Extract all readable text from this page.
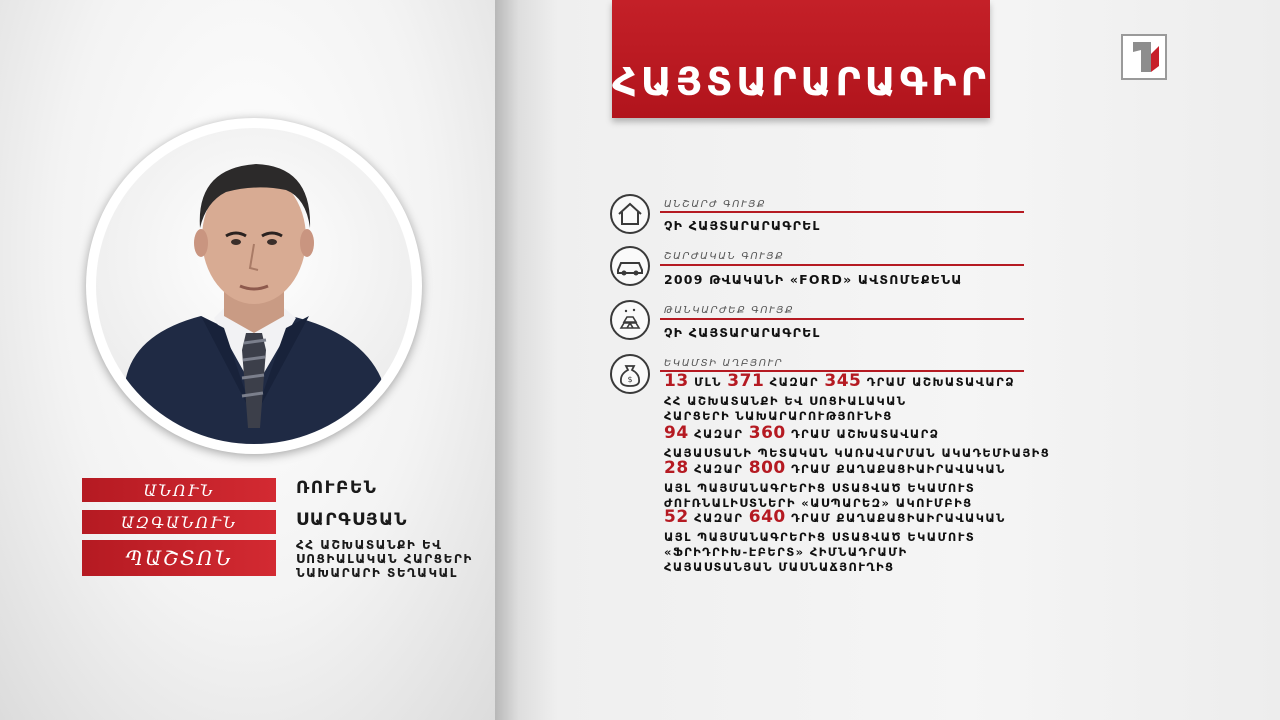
ԱՆՈՒՆ	ՌՈՒԲԵՆ
ԱԶԳԱՆՈՒՆ	ՍԱՐԳՍՅԱՆ
ՊԱՇՏՈՆ
ՀՀ ԱՇԽԱՏԱՆՔԻ ԵՎ
ՍՈՑԻԱԼԱԿԱՆ ՀԱՐՑԵՐԻ
ՆԱԽԱՐԱՐԻ ՏԵՂԱԿԱԼ
ՀԱՅՏԱՐԱՐԱԳԻՐ
ԱՆՇԱՐԺ ԳՈՒՅՔ
ՉԻ ՀԱՅՏԱՐԱՐԱԳՐԵԼ
ՇԱՐԺԱԿԱՆ ԳՈՒՅՔ
2009 ԹՎԱԿԱՆԻ «FORD» ԱՎՏՈՄԵՔԵՆԱ
ԹԱՆԿԱՐԺԵՔ ԳՈՒՅՔ
ՉԻ ՀԱՅՏԱՐԱՐԱԳՐԵԼ
$
ԵԿԱՄՏԻ ԱՂԲՅՈՒՐ
13 ՄԼՆ 371 ՀԱԶԱՐ 345 ԴՐԱՄ ԱՇԽԱՏԱՎԱՐՁ
ՀՀ ԱՇԽԱՏԱՆՔԻ ԵՎ ՍՈՑԻԱԼԱԿԱՆ
ՀԱՐՑԵՐԻ ՆԱԽԱՐԱՐՈՒԹՅՈՒՆԻՑ
94 ՀԱԶԱՐ 360 ԴՐԱՄ ԱՇԽԱՏԱՎԱՐՁ
ՀԱՅԱՍՏԱՆԻ ՊԵՏԱԿԱՆ ԿԱՌԱՎԱՐՄԱՆ ԱԿԱԴԵՄԻԱՅԻՑ
28 ՀԱԶԱՐ 800 ԴՐԱՄ ՔԱՂԱՔԱՑԻԱԻՐԱՎԱԿԱՆ
ԱՅԼ ՊԱՅՄԱՆԱԳՐԵՐԻՑ ՍՏԱՑՎԱԾ ԵԿԱՄՈՒՏ
ԺՈՒՌՆԱԼԻՍՏՆԵՐԻ «ԱՍՊԱՐԵԶ» ԱԿՈՒՄԲԻՑ
52 ՀԱԶԱՐ 640 ԴՐԱՄ ՔԱՂԱՔԱՑԻԱԻՐԱՎԱԿԱՆ
ԱՅԼ ՊԱՅՄԱՆԱԳՐԵՐԻՑ ՍՏԱՑՎԱԾ ԵԿԱՄՈՒՏ
«ՖՐԻԴՐԻԽ-ԷԲԵՐՏ» ՀԻՄՆԱԴՐԱՄԻ
ՀԱՅԱՍՏԱՆՅԱՆ ՄԱՍՆԱՃՅՈՒՂԻՑ
